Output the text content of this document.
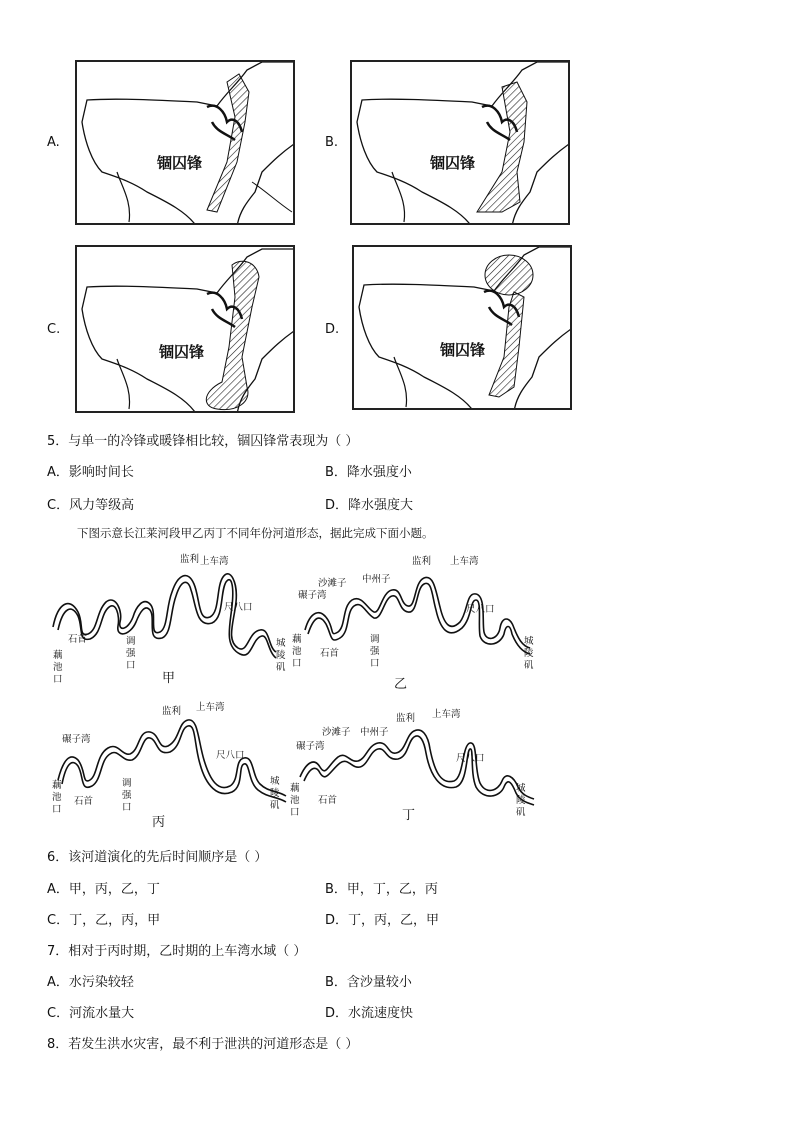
A.
锢囚锋
B.
锢囚锋
C.
锢囚锋
D.
锢囚锋
5．与单一的冷锋或暖锋相比较，锢囚锋常表现为（ ）
A．影响时间长	B．降水强度小
C．风力等级高	D．降水强度大
下图示意长江莱河段甲乙丙丁不同年份河道形态，据此完成下面小题。
监利 上车湾
尺八口
石首	调
强
口
藕
池
口
城
陵
矶
甲
沙滩子 中州子
监利 上车湾
碾子湾
尺八口
调
强
口
藕
池
口
石首
城
陵
矶
乙
监利 上车湾
碾子湾
尺八口
调
强
口
藕
池
口
石首
城
陵
矶
丙
沙滩子 中州子
监利 上车湾
碾子湾
尺八口
藕
池
口
石首
城
陵
矶
丁
6．该河道演化的先后时间顺序是（ ）
A．甲，丙，乙，丁	B．甲，丁，乙，丙
C．丁，乙，丙，甲	D．丁，丙，乙，甲
7．相对于丙时期，乙时期的上车湾水域（ ）
A．水污染较轻	B．含沙量较小
C．河流水量大	D．水流速度快
8．若发生洪水灾害，最不利于泄洪的河道形态是（ ）
